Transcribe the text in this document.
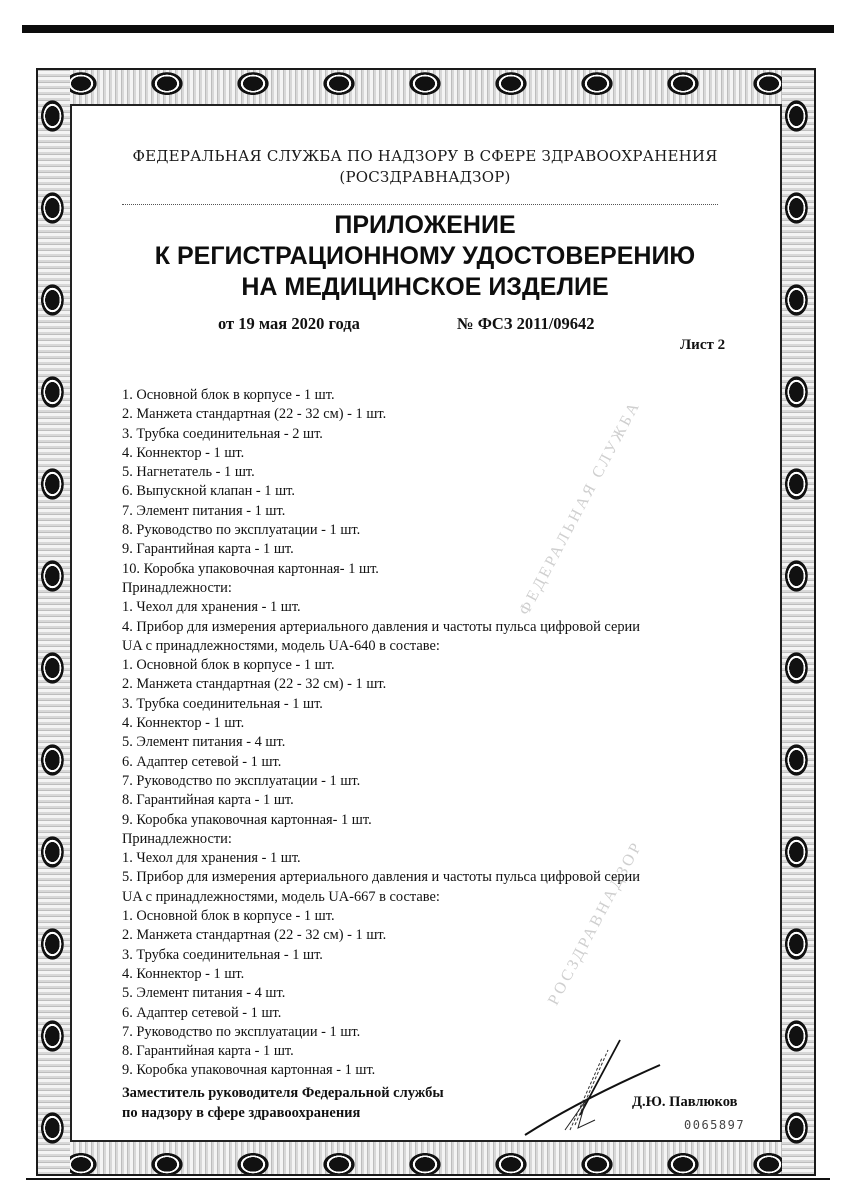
ФЕДЕРАЛЬНАЯ СЛУЖБА
РОСЗДРАВНАДЗОР
ФЕДЕРАЛЬНАЯ СЛУЖБА ПО НАДЗОРУ В СФЕРЕ ЗДРАВООХРАНЕНИЯ
(РОСЗДРАВНАДЗОР)
ПРИЛОЖЕНИЕ
К РЕГИСТРАЦИОННОМУ УДОСТОВЕРЕНИЮ
НА МЕДИЦИНСКОЕ ИЗДЕЛИЕ
от 19 мая 2020 года	№ ФСЗ 2011/09642
Лист 2
1. Основной блок в корпусе - 1 шт.
2. Манжета стандартная (22 - 32 см) - 1 шт.
3. Трубка соединительная - 2 шт.
4. Коннектор - 1 шт.
5. Нагнетатель - 1 шт.
6. Выпускной клапан - 1 шт.
7. Элемент питания - 1 шт.
8. Руководство по эксплуатации - 1 шт.
9. Гарантийная карта - 1 шт.
10. Коробка упаковочная картонная- 1 шт.
Принадлежности:
1. Чехол для хранения - 1 шт.
4. Прибор для измерения артериального давления и частоты пульса цифровой серии
UA с принадлежностями, модель UA-640 в составе:
1. Основной блок в корпусе - 1 шт.
2. Манжета стандартная (22 - 32 см) - 1 шт.
3. Трубка соединительная - 1 шт.
4. Коннектор - 1 шт.
5. Элемент питания - 4 шт.
6. Адаптер сетевой - 1 шт.
7. Руководство по эксплуатации - 1 шт.
8. Гарантийная карта - 1 шт.
9. Коробка упаковочная картонная- 1 шт.
Принадлежности:
1. Чехол для хранения - 1 шт.
5. Прибор для измерения артериального давления и частоты пульса цифровой серии
UA с принадлежностями, модель UA-667 в составе:
1. Основной блок в корпусе - 1 шт.
2. Манжета стандартная (22 - 32 см) - 1 шт.
3. Трубка соединительная - 1 шт.
4. Коннектор - 1 шт.
5. Элемент питания - 4 шт.
6. Адаптер сетевой - 1 шт.
7. Руководство по эксплуатации - 1 шт.
8. Гарантийная карта - 1 шт.
9. Коробка упаковочная картонная - 1 шт.
Заместитель руководителя Федеральной службы
по надзору в сфере здравоохранения
Д.Ю. Павлюков
0065897
